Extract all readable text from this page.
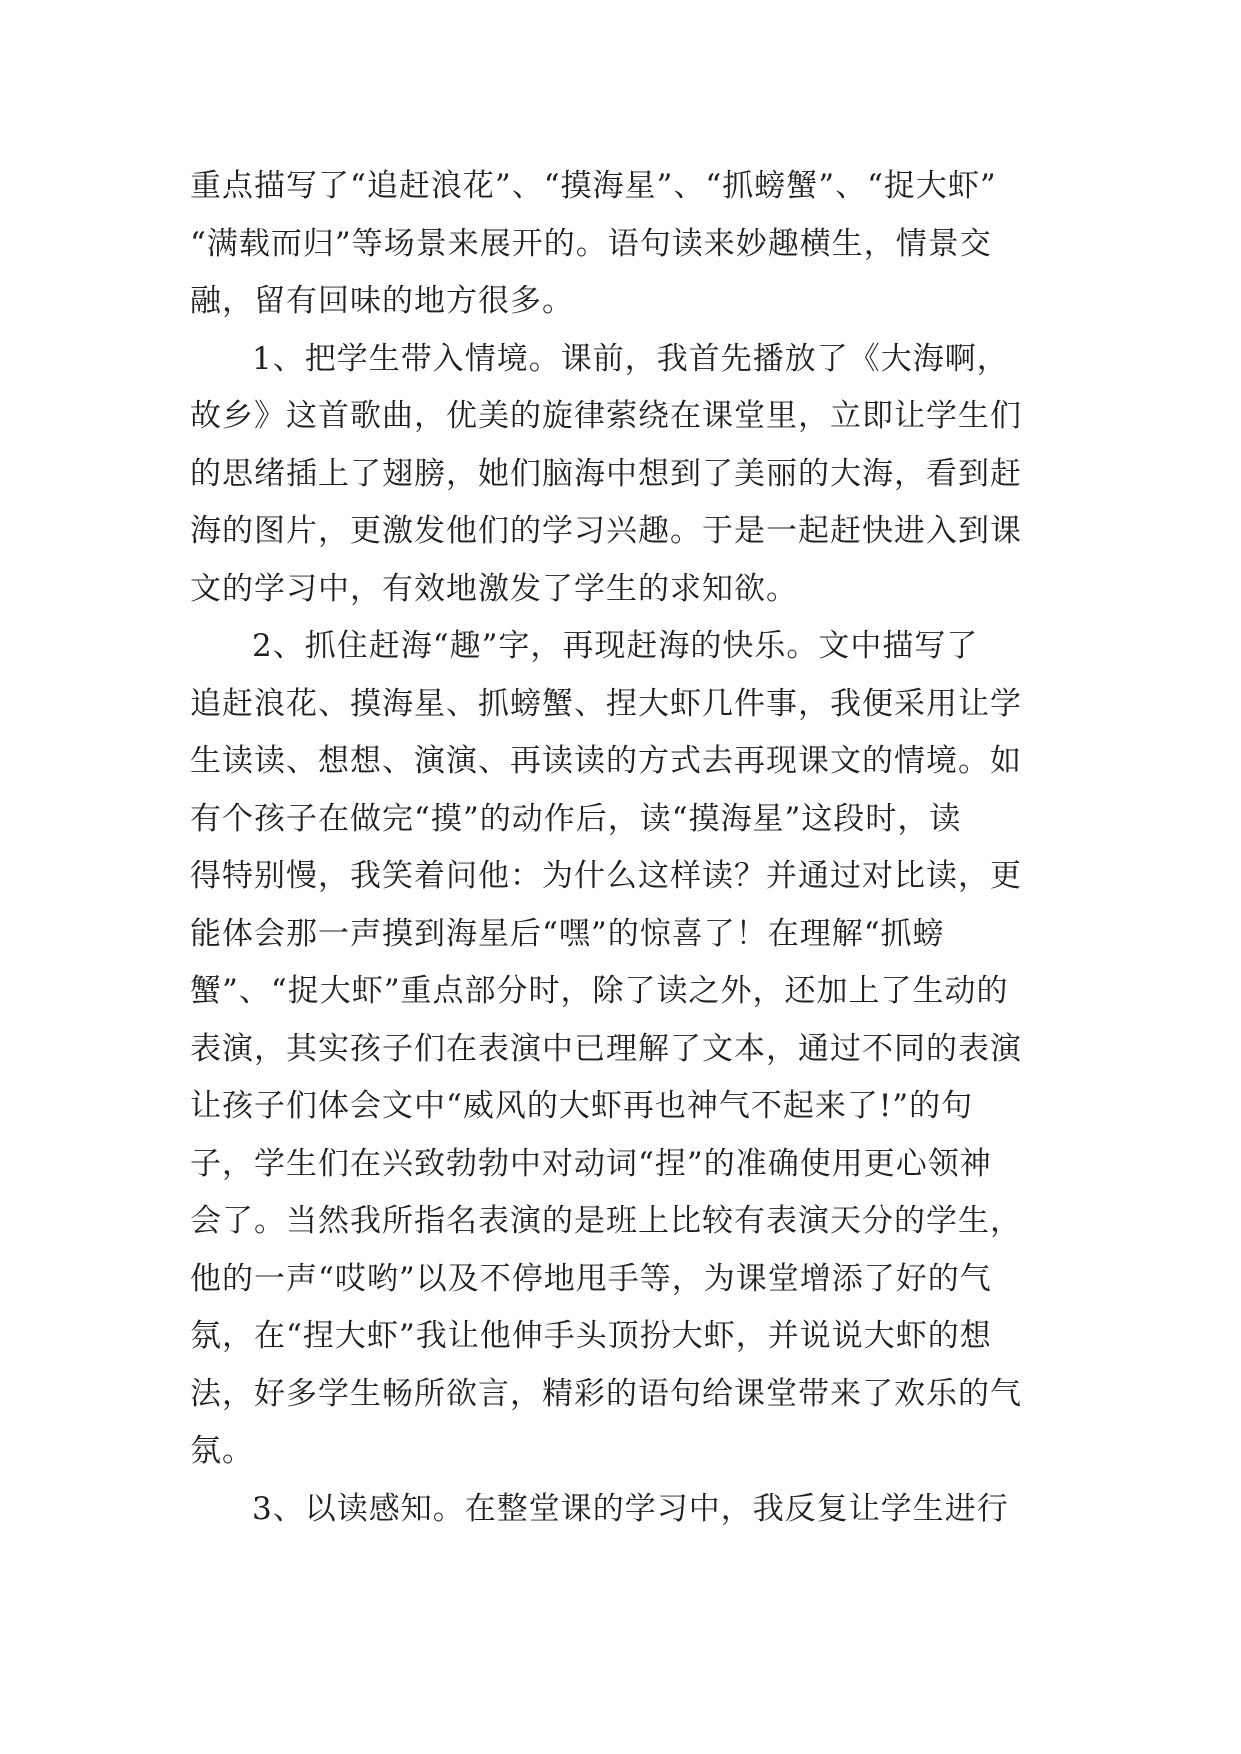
重点描写了“追赶浪花”、“摸海星”、“抓螃蟹”、“捉大虾”
“满载而归”等场景来展开的。语句读来妙趣横生，情景交
融，留有回味的地方很多。
1、把学生带入情境。课前，我首先播放了《大海啊，
故乡》这首歌曲，优美的旋律萦绕在课堂里，立即让学生们
的思绪插上了翅膀，她们脑海中想到了美丽的大海，看到赶
海的图片，更激发他们的学习兴趣。于是一起赶快进入到课
文的学习中，有效地激发了学生的求知欲。
2、抓住赶海“趣”字，再现赶海的快乐。文中描写了
追赶浪花、摸海星、抓螃蟹、捏大虾几件事，我便采用让学
生读读、想想、演演、再读读的方式去再现课文的情境。如
有个孩子在做完“摸”的动作后，读“摸海星”这段时，读
得特别慢，我笑着问他：为什么这样读？并通过对比读，更
能体会那一声摸到海星后“嘿”的惊喜了！在理解“抓螃
蟹”、“捉大虾”重点部分时，除了读之外，还加上了生动的
表演，其实孩子们在表演中已理解了文本，通过不同的表演
让孩子们体会文中“威风的大虾再也神气不起来了!”的句
子，学生们在兴致勃勃中对动词“捏”的准确使用更心领神
会了。当然我所指名表演的是班上比较有表演天分的学生，
他的一声“哎哟”以及不停地甩手等，为课堂增添了好的气
氛，在“捏大虾”我让他伸手头顶扮大虾，并说说大虾的想
法，好多学生畅所欲言，精彩的语句给课堂带来了欢乐的气
氛。
3、以读感知。在整堂课的学习中，我反复让学生进行
